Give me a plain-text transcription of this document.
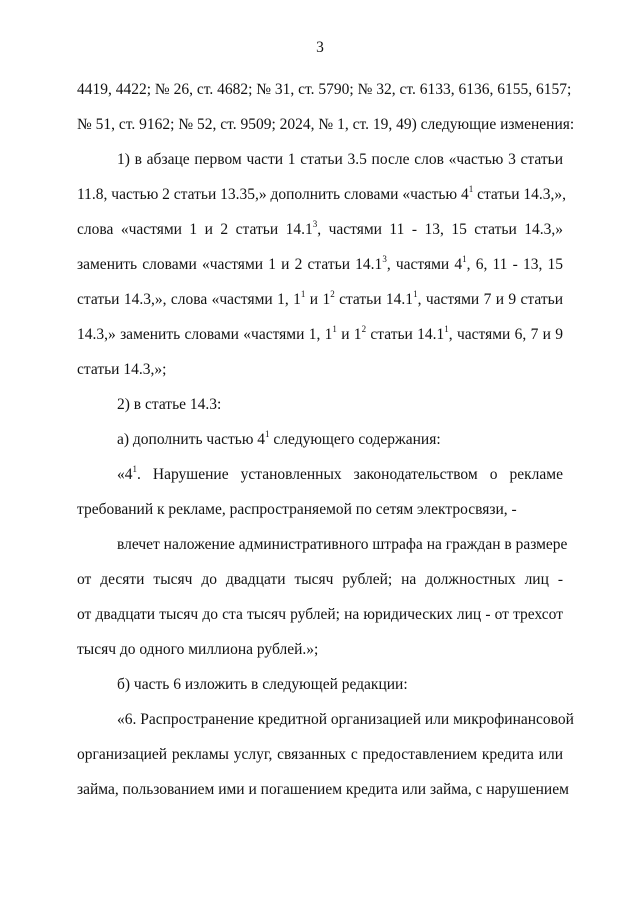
3
4419, 4422; № 26, ст. 4682; № 31, ст. 5790; № 32, ст. 6133, 6136, 6155, 6157;
№ 51, ст. 9162; № 52, ст. 9509; 2024, № 1, ст. 19, 49) следующие изменения:
1) в абзаце первом части 1 статьи 3.5 после слов «частью 3 статьи
11.8, частью 2 статьи 13.35,» дополнить словами «частью $4^1$ статьи 14.3,»,
слова «частями 1 и 2 статьи 14.1$^3$, частями 11 - 13, 15 статьи 14.3,»
заменить словами «частями 1 и 2 статьи 14.1$^3$, частями $4^1$, 6, 11 - 13, 15
статьи 14.3,», слова «частями 1, $1^1$ и $1^2$ статьи 14.1$^1$, частями 7 и 9 статьи
14.3,» заменить словами «частями 1, $1^1$ и $1^2$ статьи 14.1$^1$, частями 6, 7 и 9
статьи 14.3,»;
2) в статье 14.3:
а) дополнить частью $4^1$ следующего содержания:
«$4^1$. Нарушение установленных законодательством о рекламе
требований к рекламе, распространяемой по сетям электросвязи, -
влечет наложение административного штрафа на граждан в размере
от десяти тысяч до двадцати тысяч рублей; на должностных лиц -
от двадцати тысяч до ста тысяч рублей; на юридических лиц - от трехсот
тысяч до одного миллиона рублей.»;
б) часть 6 изложить в следующей редакции:
«6. Распространение кредитной организацией или микрофинансовой
организацией рекламы услуг, связанных с предоставлением кредита или
займа, пользованием ими и погашением кредита или займа, с нарушением
